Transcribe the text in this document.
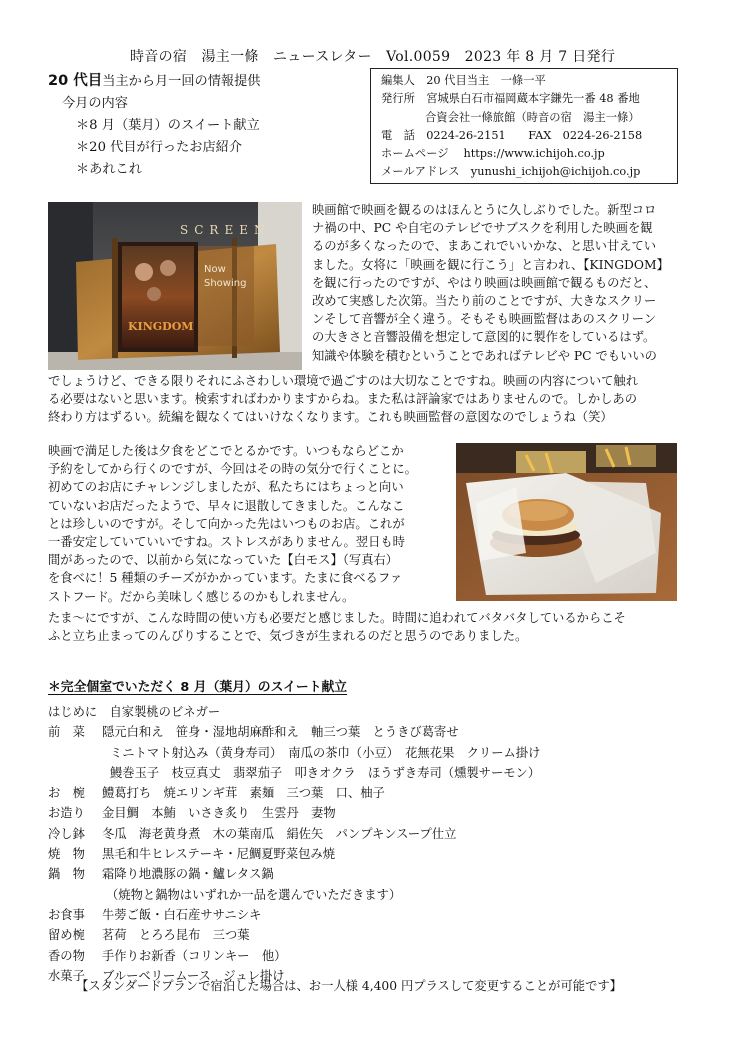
時音の宿　湯主一條　ニュースレター　Vol.0059　2023 年 8 月 7 日発行
20 代目当主から月一回の情報提供
今月の内容
＊8 月（葉月）のスイート献立
＊20 代目が行ったお店紹介
＊あれこれ
編集人　20 代目当主　一條一平
発行所　宮城県白石市福岡蔵本字鎌先一番 48 番地
合資会社一條旅館（時音の宿　湯主一條）
電　話　0224-26-2151　　FAX　0224-26-2158
ホームページ　 https://www.ichijoh.co.jp
メールアドレス　yunushi_ichijoh@ichijoh.co.jp
SCREEN
Now
Showing
KINGDOM
映画館で映画を観るのはほんとうに久しぶりでした。新型コロ
ナ禍の中、PC や自宅のテレビでサブスクを利用した映画を観
るのが多くなったので、まあこれでいいかな、と思い甘えてい
ました。女将に「映画を観に行こう」と言われ、【KINGDOM】
を観に行ったのですが、やはり映画は映画館で観るものだと、
改めて実感した次第。当たり前のことですが、大きなスクリー
ンそして音響が全く違う。そもそも映画監督はあのスクリーン
の大きさと音響設備を想定して意図的に製作をしているはず。
知識や体験を積むということであればテレビや PC でもいいの
でしょうけど、できる限りそれにふさわしい環境で過ごすのは大切なことですね。映画の内容について触れ
る必要はないと思います。検索すればわかりますからね。また私は評論家ではありませんので。しかしあの
終わり方はずるい。続編を観なくてはいけなくなります。これも映画監督の意図なのでしょうね（笑）
映画で満足した後は夕食をどこでとるかです。いつもならどこか
予約をしてから行くのですが、今回はその時の気分で行くことに。
初めてのお店にチャレンジしましたが、私たちにはちょっと向い
ていないお店だったようで、早々に退散してきました。こんなこ
とは珍しいのですが。そして向かった先はいつものお店。これが
一番安定していていいですね。ストレスがありません。翌日も時
間があったので、以前から気になっていた【白モス】（写真右）
を食べに！5 種類のチーズがかかっています。たまに食べるファ
ストフード。だから美味しく感じるのかもしれません。
たま～にですが、こんな時間の使い方も必要だと感じました。時間に追われてバタバタしているからこそ
ふと立ち止まってのんびりすることで、気づきが生まれるのだと思うのでありました。
＊完全個室でいただく 8 月（葉月）のスイート献立
はじめに　自家製桃のビネガー
前　菜	隠元白和え　笹身・湿地胡麻酢和え　軸三つ葉　とうきび葛寄せ
ミニトマト射込み（黄身寿司）　南瓜の茶巾（小豆）　花無花果　クリーム掛け
鰻巻玉子　枝豆真丈　翡翠茄子　叩きオクラ　ほうずき寿司（燻製サーモン）
お　椀	鱧葛打ち　焼エリンギ茸　素麺　三つ葉　口、柚子
お造り	金目鯛　本鮪　いさき炙り　生雲丹　妻物
冷し鉢	冬瓜　海老黄身煮　木の葉南瓜　絹佐矢　パンプキンスープ仕立
焼　物	黒毛和牛ヒレステーキ・尼鯛夏野菜包み焼
鍋　物	霜降り地濃豚の鍋・鱸レタス鍋
（焼物と鍋物はいずれか一品を選んでいただきます）
お食事	牛蒡ご飯・白石産ササニシキ
留め椀	茗荷　とろろ昆布　三つ葉
香の物	手作りお新香（コリンキー　他）
水菓子	ブルーベリームース　ジュレ掛け
【スタンダードプランで宿泊した場合は、お一人様 4,400 円プラスして変更することが可能です】
